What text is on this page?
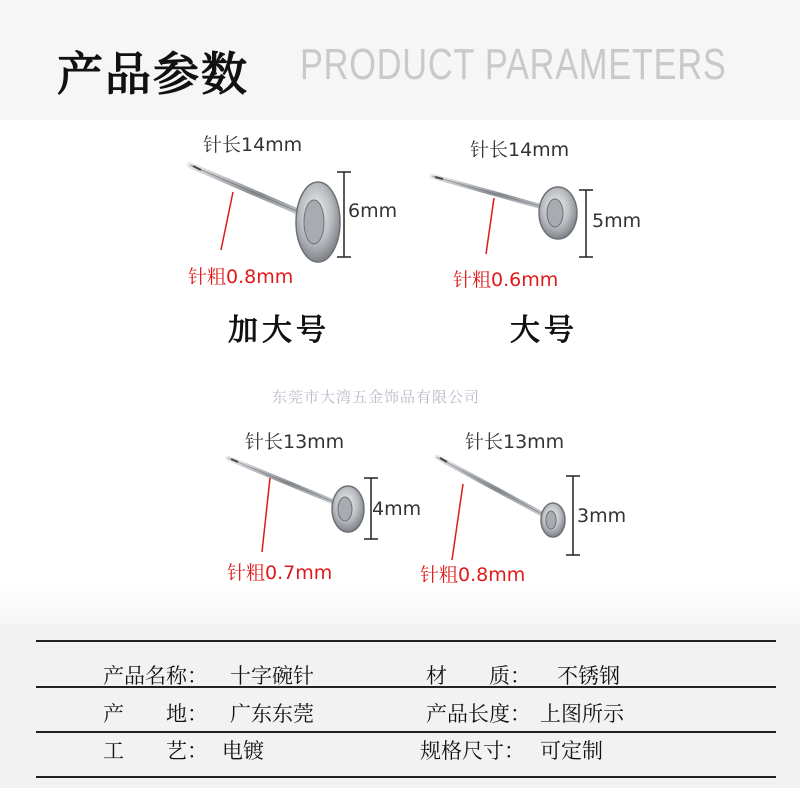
产品参数 PRODUCT PARAMETERS
针长14mm
6mm
针粗0.8mm
加大号
针长14mm
5mm
针粗0.6mm
大号
东莞市大湾五金饰品有限公司
针长13mm
4mm
针粗0.7mm
针长13mm
3mm
针粗0.8mm
产品名称： 十字碗针	材　　质： 不锈钢
产　　地： 广东东莞	产品长度： 上图所示
工　　艺： 电镀	规格尺寸： 可定制
